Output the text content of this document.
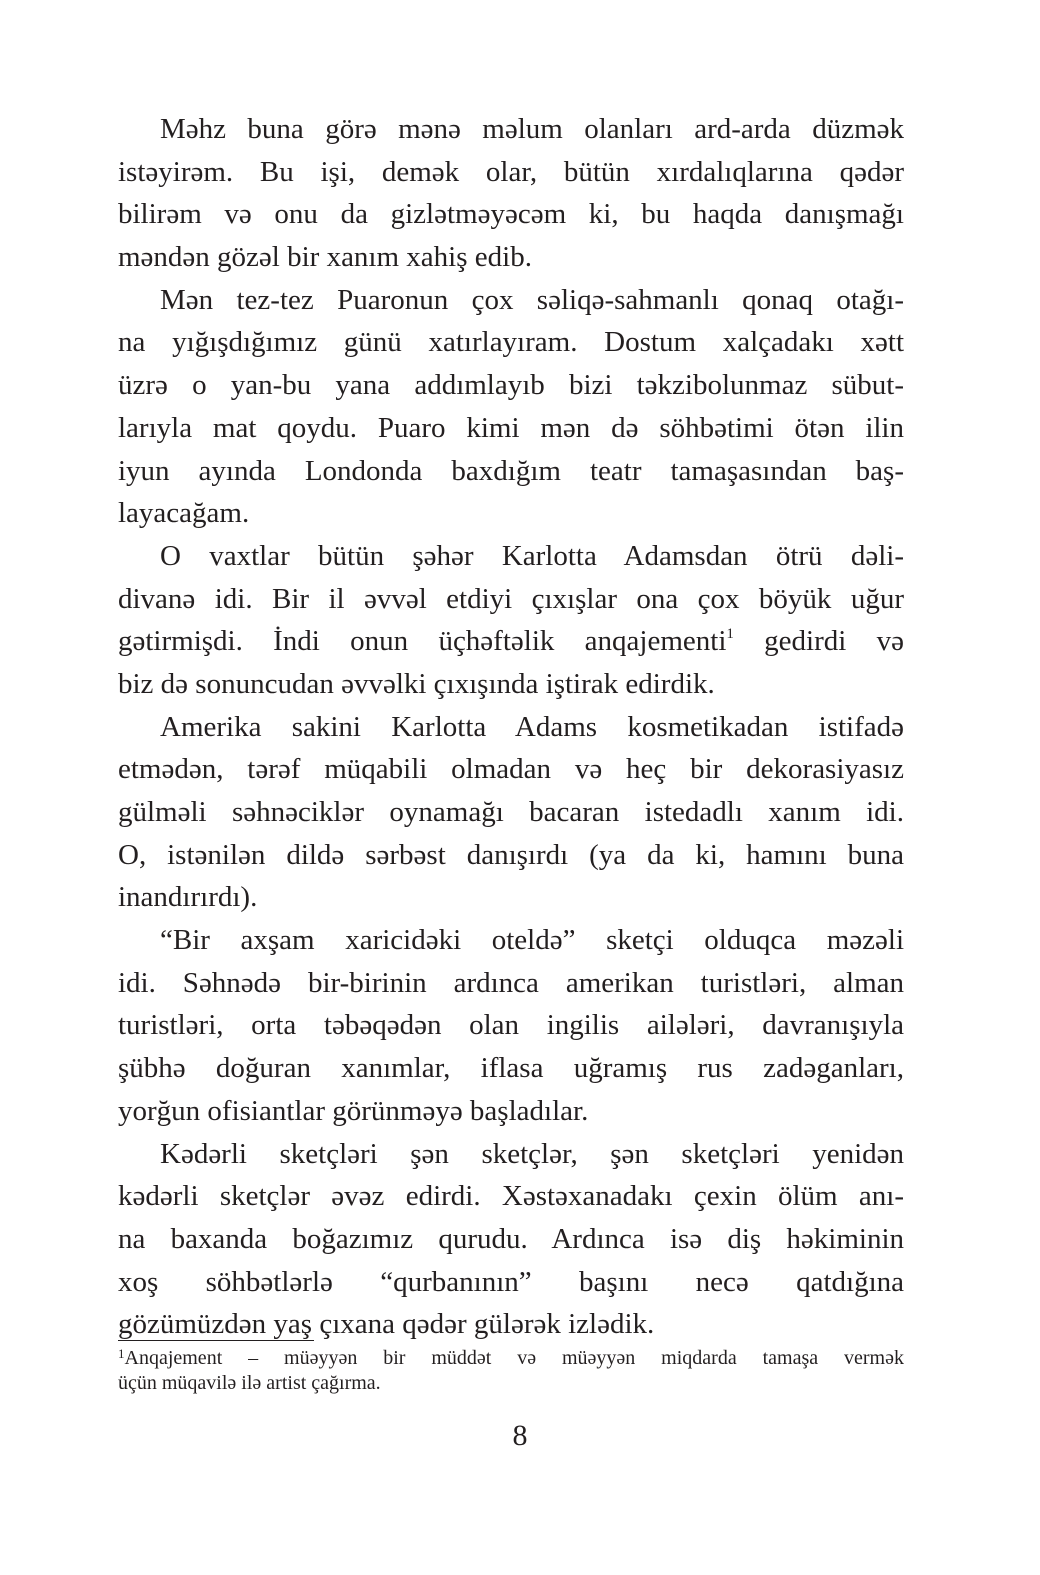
Məhz buna görə mənə məlum olanları ard-arda düzmək
istəyirəm. Bu işi, demək olar, bütün xırdalıqlarına qədər
bilirəm və onu da gizlətməyəcəm ki, bu haqda danışmağı
məndən gözəl bir xanım xahiş edib.
Mən tez-tez Puaronun çox səliqə-sahmanlı qonaq otağı-
na yığışdığımız günü xatırlayıram. Dostum xalçadakı xətt
üzrə o yan-bu yana addımlayıb bizi təkzibolunmaz sübut-
larıyla mat qoydu. Puaro kimi mən də söhbətimi ötən ilin
iyun ayında Londonda baxdığım teatr tamaşasından baş-
layacağam.
O vaxtlar bütün şəhər Karlotta Adamsdan ötrü dəli-
divanə idi. Bir il əvvəl etdiyi çıxışlar ona çox böyük uğur
gətirmişdi. İndi onun üçhəftəlik anqajementi$^1$ gedirdi və
biz də sonuncudan əvvəlki çıxışında iştirak edirdik.
Amerika sakini Karlotta Adams kosmetikadan istifadə
etmədən, tərəf müqabili olmadan və heç bir dekorasiyasız
gülməli səhnəciklər oynamağı bacaran istedadlı xanım idi.
O, istənilən dildə sərbəst danışırdı (ya da ki, hamını buna
inandırırdı).
“Bir axşam xaricidəki oteldə” sketçi olduqca məzəli
idi. Səhnədə bir-birinin ardınca amerikan turistləri, alman
turistləri, orta təbəqədən olan ingilis ailələri, davranışıyla
şübhə doğuran xanımlar, iflasa uğramış rus zadəganları,
yorğun ofisiantlar görünməyə başladılar.
Kədərli sketçləri şən sketçlər, şən sketçləri yenidən
kədərli sketçlər əvəz edirdi. Xəstəxanadakı çexin ölüm anı-
na baxanda boğazımız qurudu. Ardınca isə diş həkiminin
xoş söhbətlərlə “qurbanının” başını necə qatdığına
gözümüzdən yaş çıxana qədər gülərək izlədik.
$^1$Anqajement – müəyyən bir müddət və müəyyən miqdarda tamaşa vermək
üçün müqavilə ilə artist çağırma.
8
